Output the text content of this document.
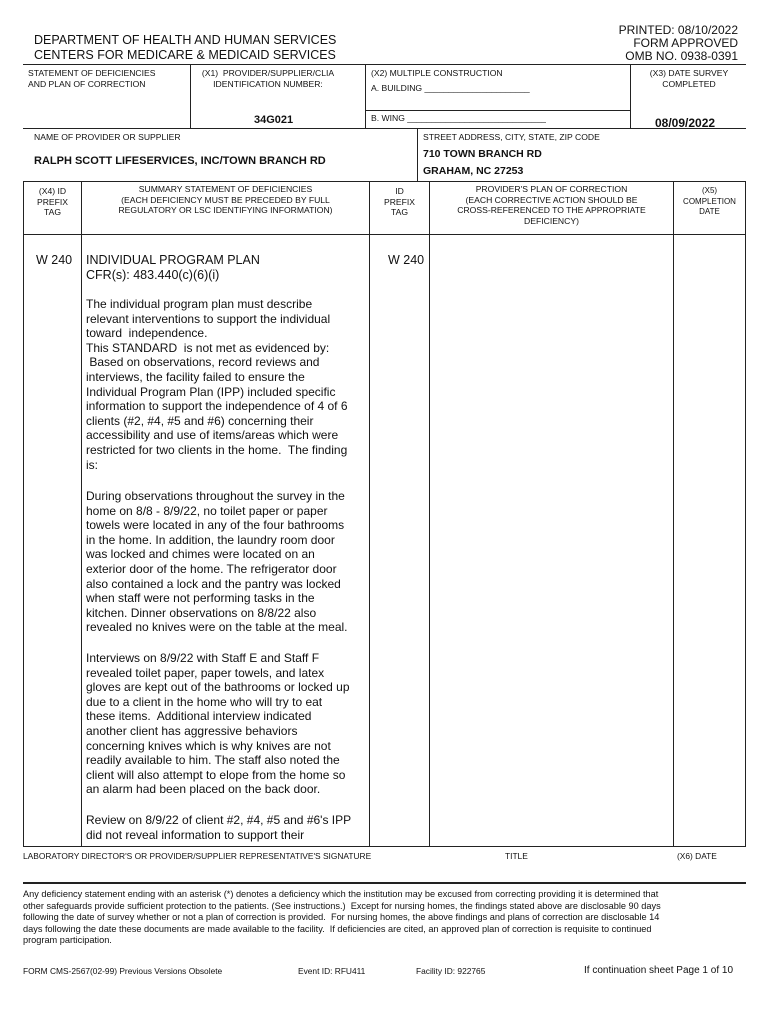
PRINTED: 08/10/2022
FORM APPROVED
OMB NO. 0938-0391
DEPARTMENT OF HEALTH AND HUMAN SERVICES
CENTERS FOR MEDICARE & MEDICAID SERVICES
STATEMENT OF DEFICIENCIES
AND PLAN OF CORRECTION
(X1)  PROVIDER/SUPPLIER/CLIA
IDENTIFICATION NUMBER:
34G021
(X2) MULTIPLE CONSTRUCTION
A. BUILDING ______________________
B. WING _____________________________
(X3) DATE SURVEY
COMPLETED
08/09/2022
NAME OF PROVIDER OR SUPPLIER
RALPH SCOTT LIFESERVICES, INC/TOWN BRANCH RD
STREET ADDRESS, CITY, STATE, ZIP CODE
710 TOWN BRANCH RD
GRAHAM, NC 27253
(X4) ID
PREFIX
TAG
SUMMARY STATEMENT OF DEFICIENCIES
(EACH DEFICIENCY MUST BE PRECEDED BY FULL
REGULATORY OR LSC IDENTIFYING INFORMATION)
ID
PREFIX
TAG
PROVIDER'S PLAN OF CORRECTION
(EACH CORRECTIVE ACTION SHOULD BE
CROSS-REFERENCED TO THE APPROPRIATE
DEFICIENCY)
(X5)
COMPLETION
DATE
W 240	W 240
INDIVIDUAL PROGRAM PLAN
CFR(s): 483.440(c)(6)(i)
The individual program plan must describe
relevant interventions to support the individual
toward  independence.
This STANDARD  is not met as evidenced by:
Based on observations, record reviews and
interviews, the facility failed to ensure the
Individual Program Plan (IPP) included specific
information to support the independence of 4 of 6
clients (#2, #4, #5 and #6) concerning their
accessibility and use of items/areas which were
restricted for two clients in the home.  The finding
is:
During observations throughout the survey in the
home on 8/8 - 8/9/22, no toilet paper or paper
towels were located in any of the four bathrooms
in the home. In addition, the laundry room door
was locked and chimes were located on an
exterior door of the home. The refrigerator door
also contained a lock and the pantry was locked
when staff were not performing tasks in the
kitchen. Dinner observations on 8/8/22 also
revealed no knives were on the table at the meal.
Interviews on 8/9/22 with Staff E and Staff F
revealed toilet paper, paper towels, and latex
gloves are kept out of the bathrooms or locked up
due to a client in the home who will try to eat
these items.  Additional interview indicated
another client has aggressive behaviors
concerning knives which is why knives are not
readily available to him. The staff also noted the
client will also attempt to elope from the home so
an alarm had been placed on the back door.
Review on 8/9/22 of client #2, #4, #5 and #6's IPP
did not reveal information to support their
LABORATORY DIRECTOR'S OR PROVIDER/SUPPLIER REPRESENTATIVE'S SIGNATURE	TITLE	(X6) DATE
Any deficiency statement ending with an asterisk (*) denotes a deficiency which the institution may be excused from correcting providing it is determined that
other safeguards provide sufficient protection to the patients. (See instructions.)  Except for nursing homes, the findings stated above are disclosable 90 days
following the date of survey whether or not a plan of correction is provided.  For nursing homes, the above findings and plans of correction are disclosable 14
days following the date these documents are made available to the facility.  If deficiencies are cited, an approved plan of correction is requisite to continued
program participation.
FORM CMS-2567(02-99) Previous Versions Obsolete	Event ID: RFU411	Facility ID: 922765	If continuation sheet Page 1 of 10
